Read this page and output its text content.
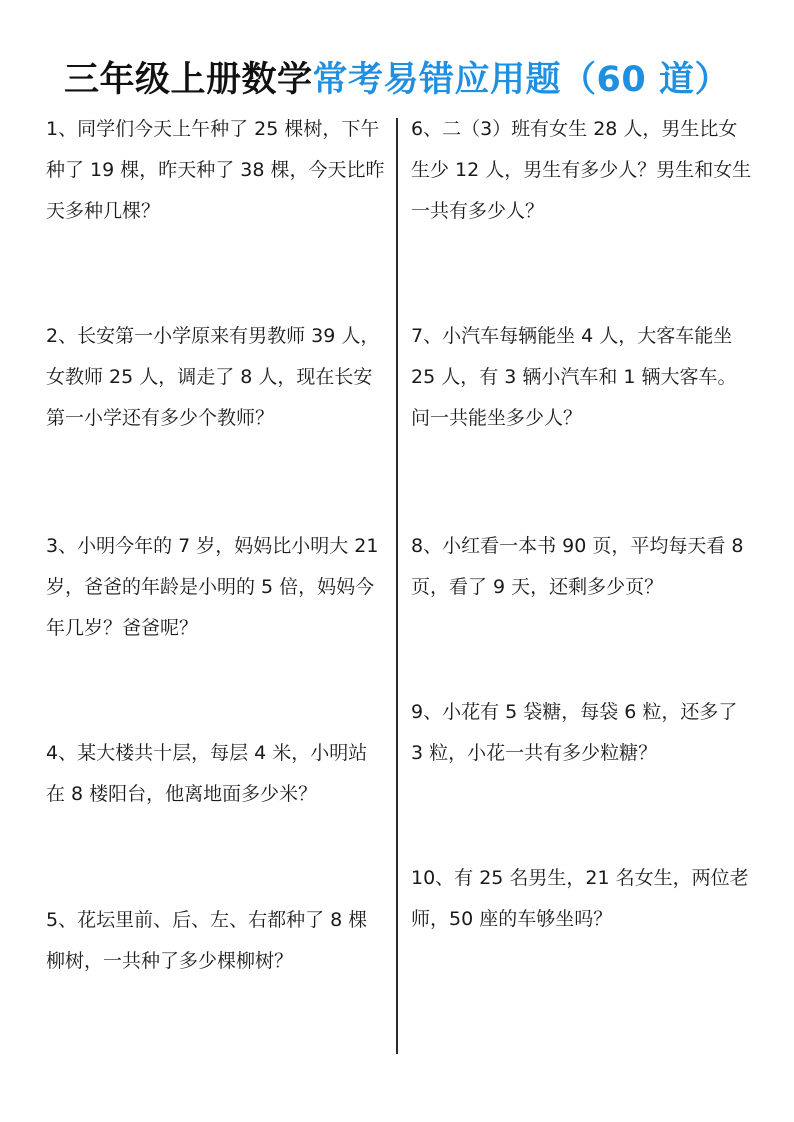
三年级上册数学常考易错应用题（60 道）
1、同学们今天上午种了 25 棵树，下午种了 19 棵，昨天种了 38 棵，今天比昨天多种几棵？
2、长安第一小学原来有男教师 39 人，女教师 25 人，调走了 8 人，现在长安第一小学还有多少个教师？
3、小明今年的 7 岁，妈妈比小明大 21 岁，爸爸的年龄是小明的 5 倍，妈妈今年几岁？爸爸呢？
4、某大楼共十层，每层 4 米，小明站在 8 楼阳台，他离地面多少米？
5、花坛里前、后、左、右都种了 8 棵柳树，一共种了多少棵柳树？
6、二（3）班有女生 28 人，男生比女生少 12 人，男生有多少人？男生和女生一共有多少人？
7、小汽车每辆能坐 4 人，大客车能坐 25 人，有 3 辆小汽车和 1 辆大客车。问一共能坐多少人？
8、小红看一本书 90 页，平均每天看 8 页，看了 9 天，还剩多少页？
9、小花有 5 袋糖，每袋 6 粒，还多了 3 粒，小花一共有多少粒糖？
10、有 25 名男生，21 名女生，两位老师，50 座的车够坐吗？
